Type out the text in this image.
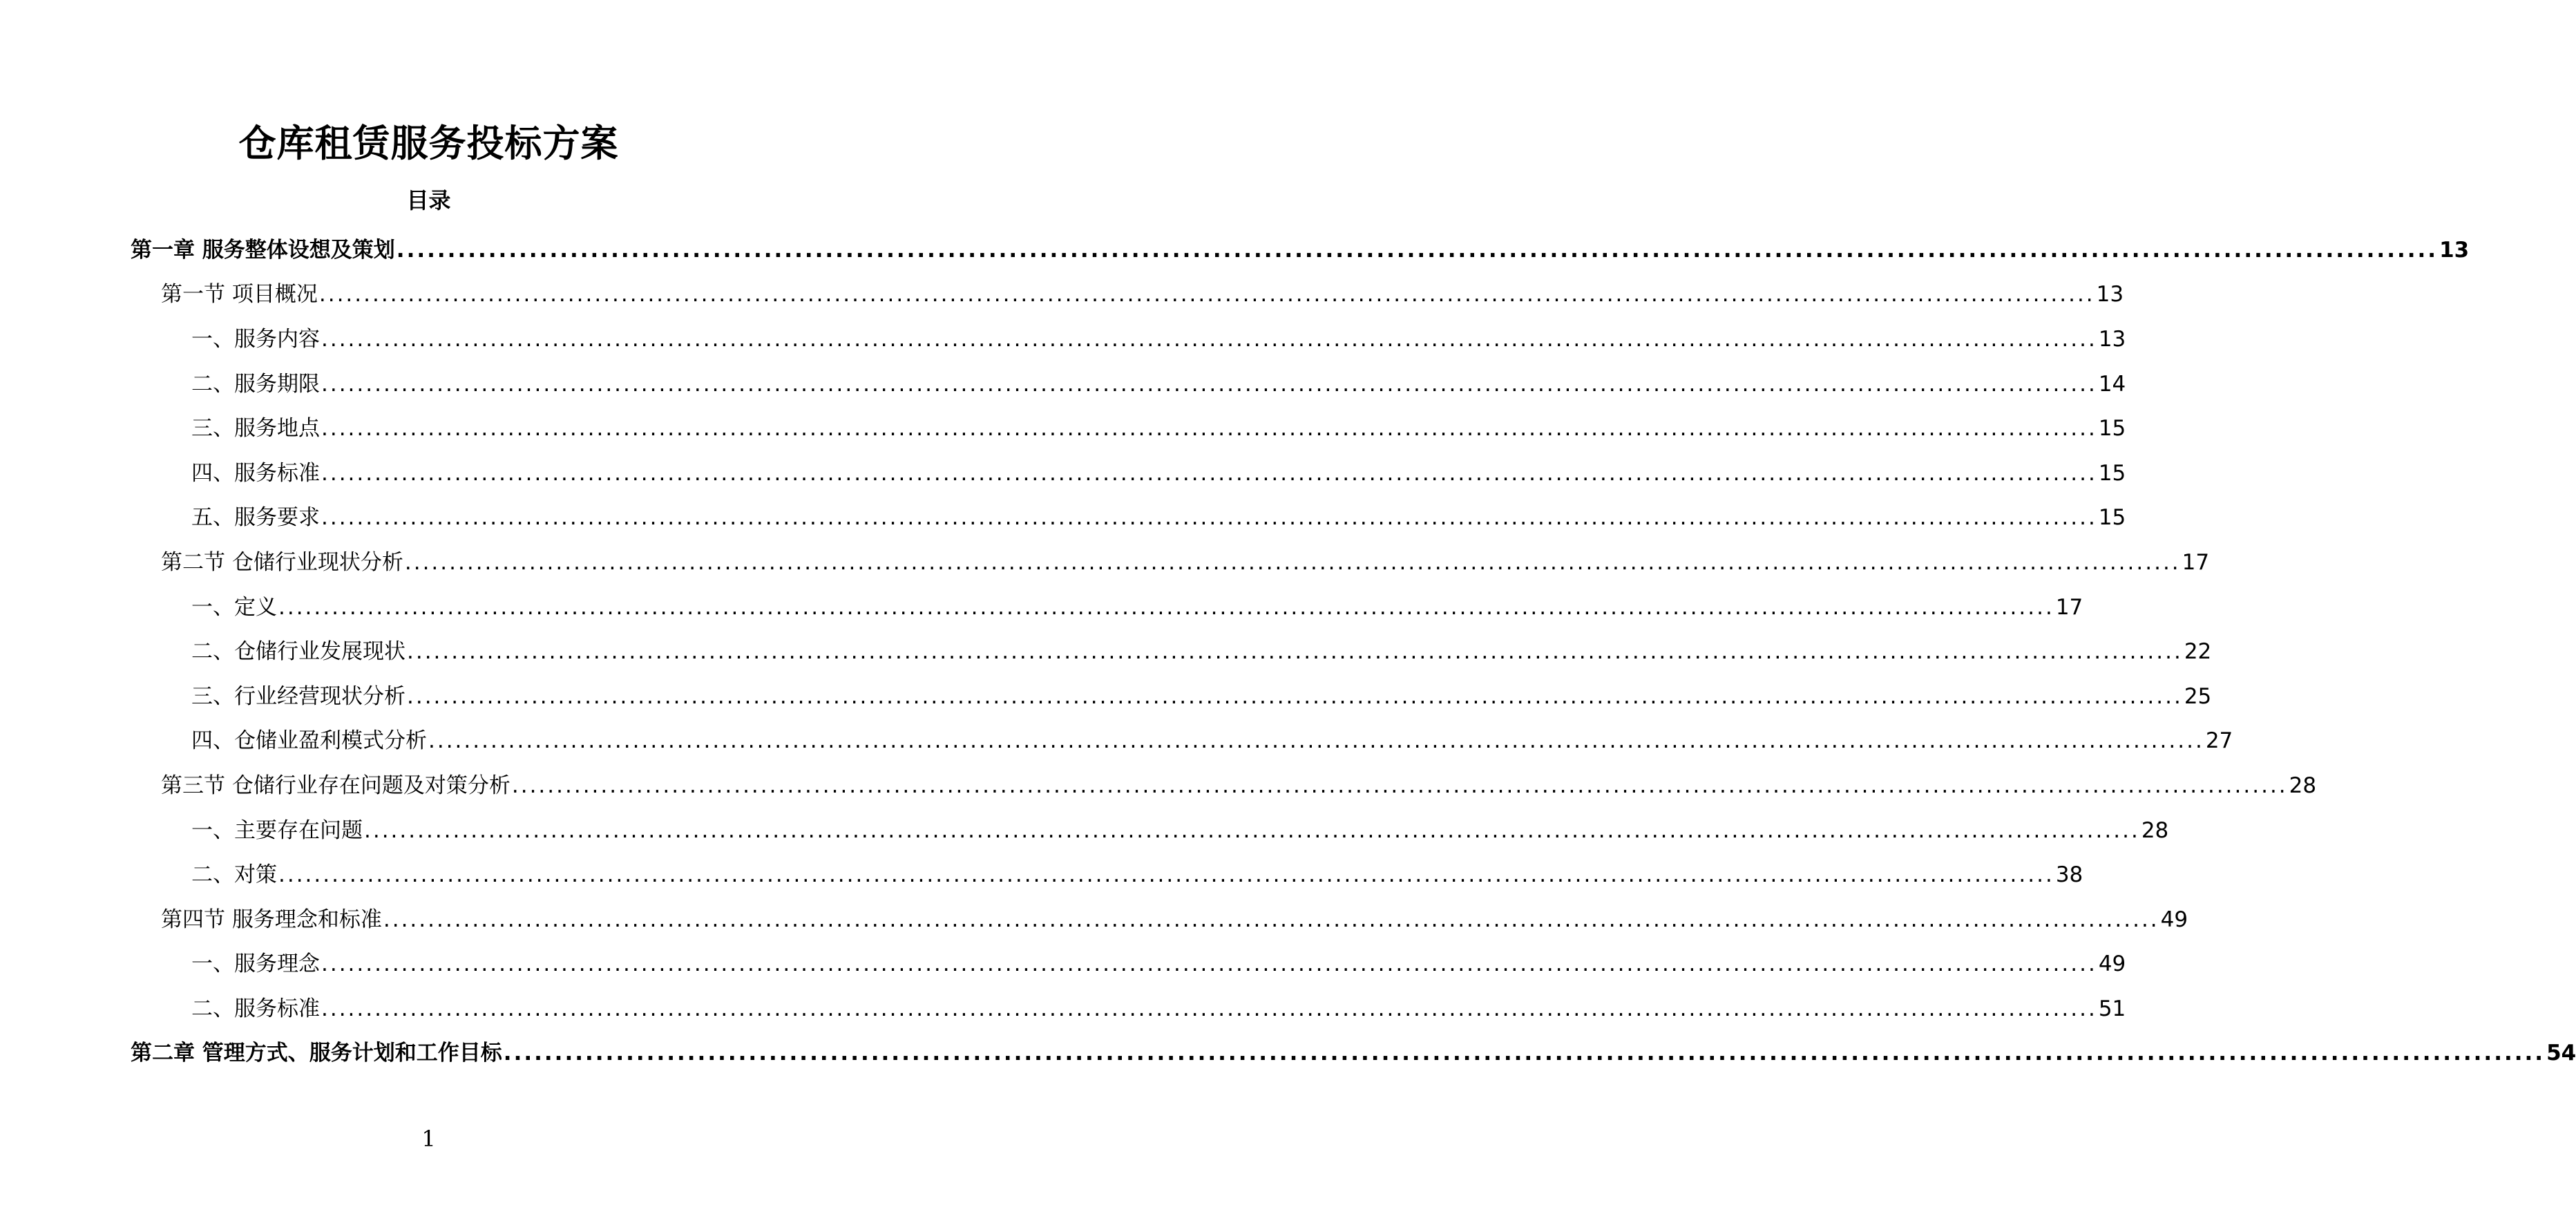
仓库租赁服务投标方案
目录
第一章 服务整体设想及策划 ........................................................................................................................................................................................................ 13
第一节 项目概况 ........................................................................................................................................................................................................ 13
一、服务内容 ........................................................................................................................................................................................................ 13
二、服务期限 ........................................................................................................................................................................................................ 14
三、服务地点 ........................................................................................................................................................................................................ 15
四、服务标准 ........................................................................................................................................................................................................ 15
五、服务要求 ........................................................................................................................................................................................................ 15
第二节 仓储行业现状分析 ........................................................................................................................................................................................................ 17
一、定义 ........................................................................................................................................................................................................ 17
二、仓储行业发展现状 ........................................................................................................................................................................................................ 22
三、行业经营现状分析 ........................................................................................................................................................................................................ 25
四、仓储业盈利模式分析 ........................................................................................................................................................................................................ 27
第三节 仓储行业存在问题及对策分析 ........................................................................................................................................................................................................ 28
一、主要存在问题 ........................................................................................................................................................................................................ 28
二、对策 ........................................................................................................................................................................................................ 38
第四节 服务理念和标准 ........................................................................................................................................................................................................ 49
一、服务理念 ........................................................................................................................................................................................................ 49
二、服务标准 ........................................................................................................................................................................................................ 51
第二章 管理方式、服务计划和工作目标 ........................................................................................................................................................................................................ 54
1
